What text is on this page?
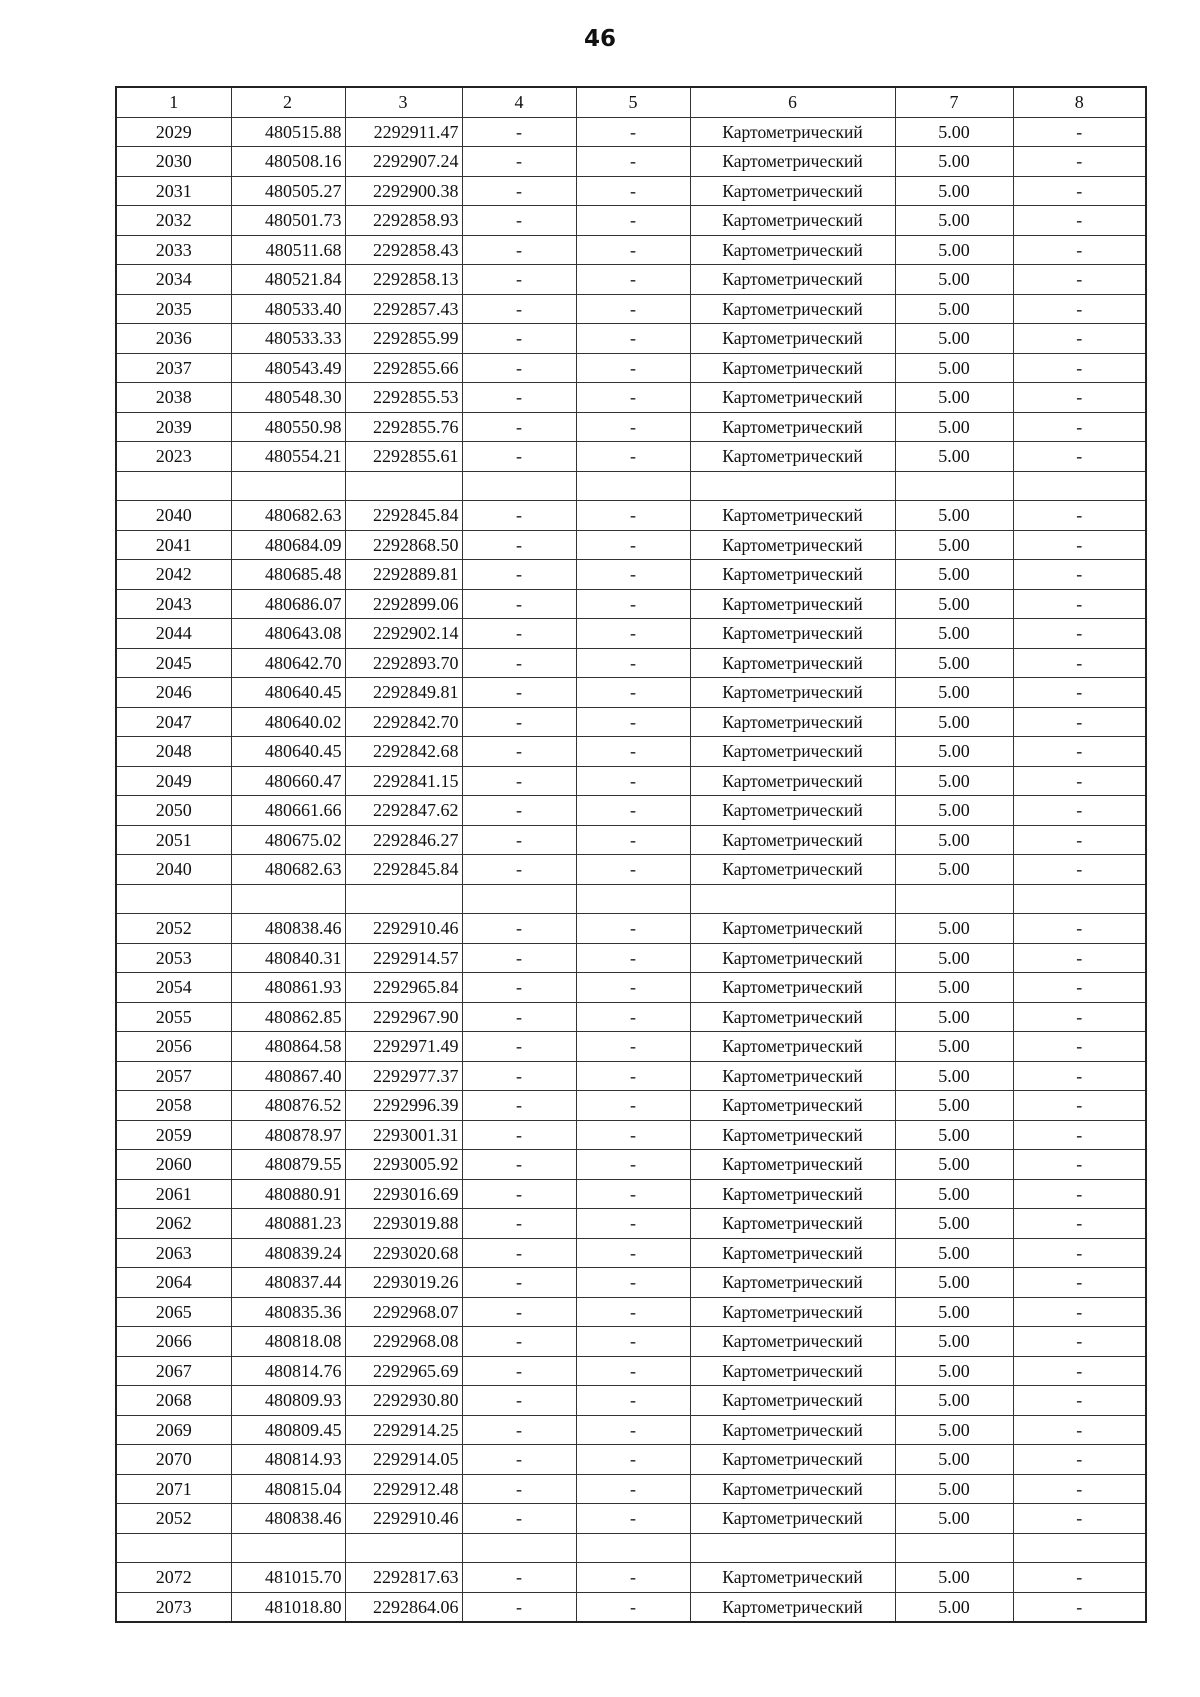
46
1	2	3	4	5	6	7	8
2029	480515.88	2292911.47	-	-	Картометрический	5.00	-
2030	480508.16	2292907.24	-	-	Картометрический	5.00	-
2031	480505.27	2292900.38	-	-	Картометрический	5.00	-
2032	480501.73	2292858.93	-	-	Картометрический	5.00	-
2033	480511.68	2292858.43	-	-	Картометрический	5.00	-
2034	480521.84	2292858.13	-	-	Картометрический	5.00	-
2035	480533.40	2292857.43	-	-	Картометрический	5.00	-
2036	480533.33	2292855.99	-	-	Картометрический	5.00	-
2037	480543.49	2292855.66	-	-	Картометрический	5.00	-
2038	480548.30	2292855.53	-	-	Картометрический	5.00	-
2039	480550.98	2292855.76	-	-	Картометрический	5.00	-
2023	480554.21	2292855.61	-	-	Картометрический	5.00	-

2040	480682.63	2292845.84	-	-	Картометрический	5.00	-
2041	480684.09	2292868.50	-	-	Картометрический	5.00	-
2042	480685.48	2292889.81	-	-	Картометрический	5.00	-
2043	480686.07	2292899.06	-	-	Картометрический	5.00	-
2044	480643.08	2292902.14	-	-	Картометрический	5.00	-
2045	480642.70	2292893.70	-	-	Картометрический	5.00	-
2046	480640.45	2292849.81	-	-	Картометрический	5.00	-
2047	480640.02	2292842.70	-	-	Картометрический	5.00	-
2048	480640.45	2292842.68	-	-	Картометрический	5.00	-
2049	480660.47	2292841.15	-	-	Картометрический	5.00	-
2050	480661.66	2292847.62	-	-	Картометрический	5.00	-
2051	480675.02	2292846.27	-	-	Картометрический	5.00	-
2040	480682.63	2292845.84	-	-	Картометрический	5.00	-

2052	480838.46	2292910.46	-	-	Картометрический	5.00	-
2053	480840.31	2292914.57	-	-	Картометрический	5.00	-
2054	480861.93	2292965.84	-	-	Картометрический	5.00	-
2055	480862.85	2292967.90	-	-	Картометрический	5.00	-
2056	480864.58	2292971.49	-	-	Картометрический	5.00	-
2057	480867.40	2292977.37	-	-	Картометрический	5.00	-
2058	480876.52	2292996.39	-	-	Картометрический	5.00	-
2059	480878.97	2293001.31	-	-	Картометрический	5.00	-
2060	480879.55	2293005.92	-	-	Картометрический	5.00	-
2061	480880.91	2293016.69	-	-	Картометрический	5.00	-
2062	480881.23	2293019.88	-	-	Картометрический	5.00	-
2063	480839.24	2293020.68	-	-	Картометрический	5.00	-
2064	480837.44	2293019.26	-	-	Картометрический	5.00	-
2065	480835.36	2292968.07	-	-	Картометрический	5.00	-
2066	480818.08	2292968.08	-	-	Картометрический	5.00	-
2067	480814.76	2292965.69	-	-	Картометрический	5.00	-
2068	480809.93	2292930.80	-	-	Картометрический	5.00	-
2069	480809.45	2292914.25	-	-	Картометрический	5.00	-
2070	480814.93	2292914.05	-	-	Картометрический	5.00	-
2071	480815.04	2292912.48	-	-	Картометрический	5.00	-
2052	480838.46	2292910.46	-	-	Картометрический	5.00	-

2072	481015.70	2292817.63	-	-	Картометрический	5.00	-
2073	481018.80	2292864.06	-	-	Картометрический	5.00	-
